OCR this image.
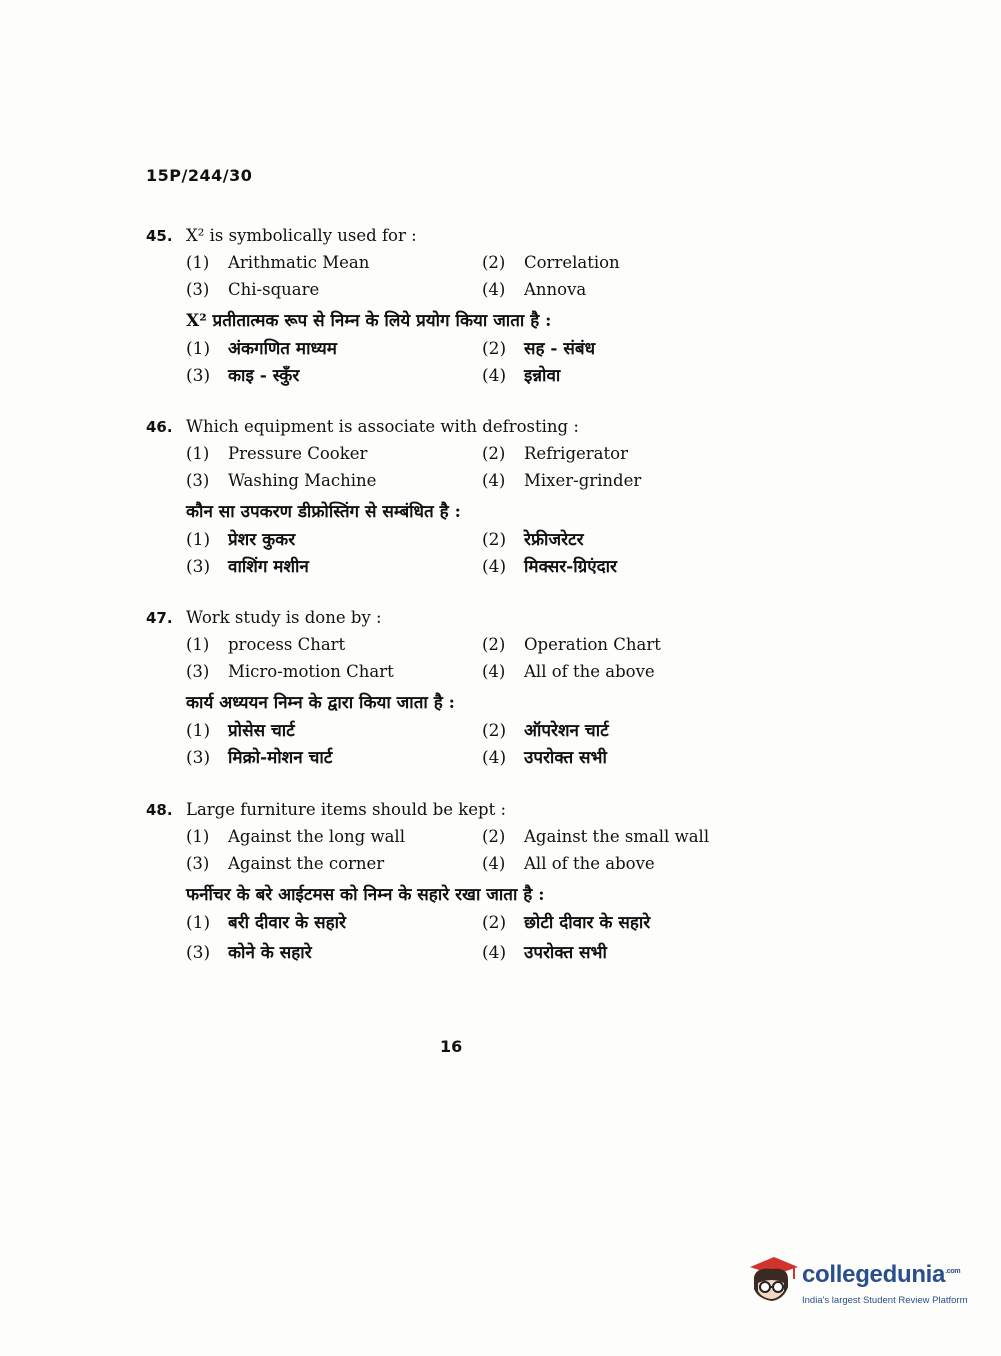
15P/244/30
45. X² is symbolically used for :
(1) Arithmatic Mean	(2) Correlation
(3) Chi-square	(4) Annova
X² प्रतीतात्मक रूप से निम्न के लिये प्रयोग किया जाता है :
(1) अंकगणित माध्यम	(2) सह - संबंध
(3) काइ - स्कुँर	(4) इन्नोवा
46. Which equipment is associate with defrosting :
(1) Pressure Cooker	(2) Refrigerator
(3) Washing Machine	(4) Mixer-grinder
कौन सा उपकरण डीफ्रोस्तिंग से सम्बंधित है :
(1) प्रेशर कुकर	(2) रेफ्रीजरेटर
(3) वाशिंग मशीन	(4) मिक्सर-ग्रिएंदार
47. Work study is done by :
(1) process Chart	(2) Operation Chart
(3) Micro-motion Chart	(4) All of the above
कार्य अध्ययन निम्न के द्वारा किया जाता है :
(1) प्रोसेस चार्ट	(2) ऑपरेशन चार्ट
(3) मिक्रो-मोशन चार्ट	(4) उपरोक्त सभी
48. Large furniture items should be kept :
(1) Against the long wall	(2) Against the small wall
(3) Against the corner	(4) All of the above
फर्नीचर के बरे आईटमस को निम्न के सहारे रखा जाता है :
(1) बरी दीवार के सहारे	(2) छोटी दीवार के सहारे
(3) कोने के सहारे	(4) उपरोक्त सभी
16
collegedunia$^{.com}$
India's largest Student Review Platform
